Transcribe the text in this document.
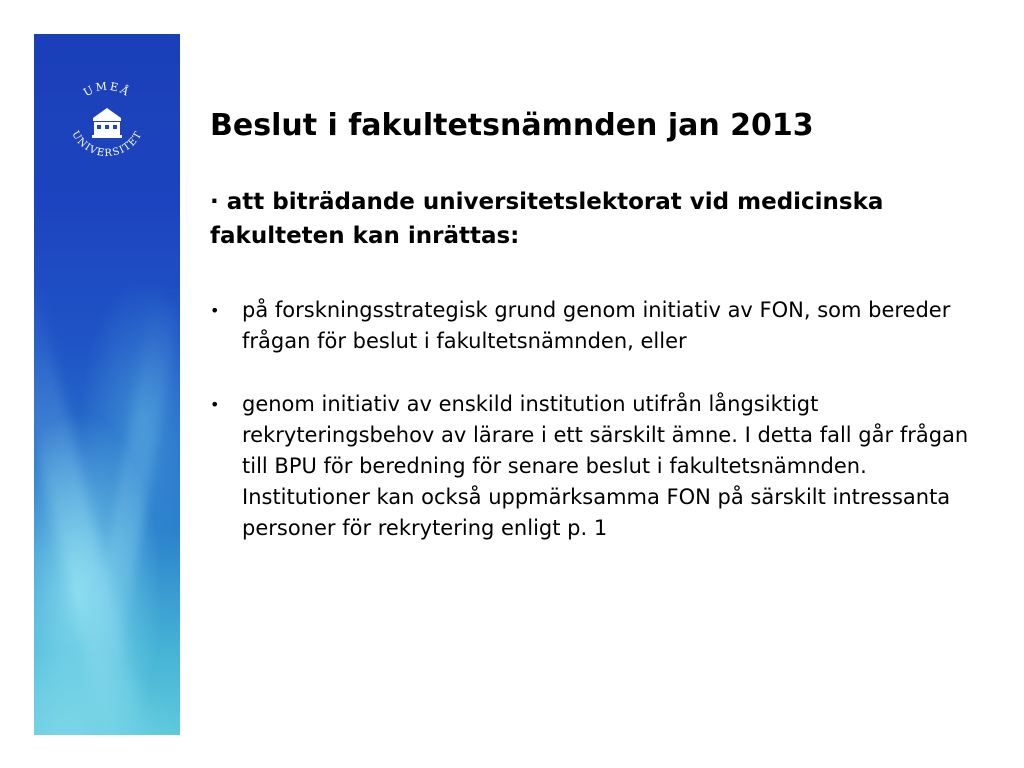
UMEÅ
UNIVERSITET Beslut i fakultetsnämnden jan 2013
· att biträdande universitetslektorat vid medicinska fakulteten kan inrättas:
• på forskningsstrategisk grund genom initiativ av FON, som bereder frågan för beslut i fakultetsnämnden, eller
• genom initiativ av enskild institution utifrån långsiktigt rekryteringsbehov av lärare i ett särskilt ämne. I detta fall går frågan till BPU för beredning för senare beslut i fakultetsnämnden. Institutioner kan också uppmärksamma FON på särskilt intressanta personer för rekrytering enligt p. 1
